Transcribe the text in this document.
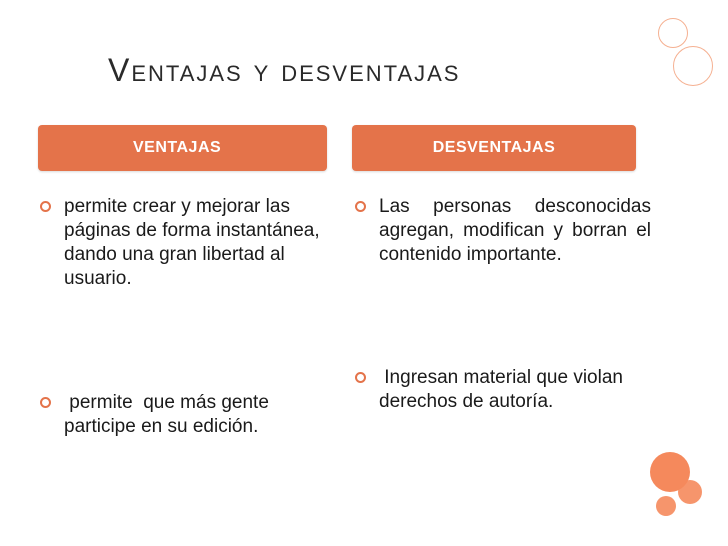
Ventajas y desventajas
VENTAJAS	DESVENTAJAS
permite crear y mejorar las páginas de forma instantánea, dando una gran libertad al usuario.
permite  que más gente participe en su edición.
Las personas desconocidas agregan, modifican y borran el contenido importante.
Ingresan material que violan derechos de autoría.
